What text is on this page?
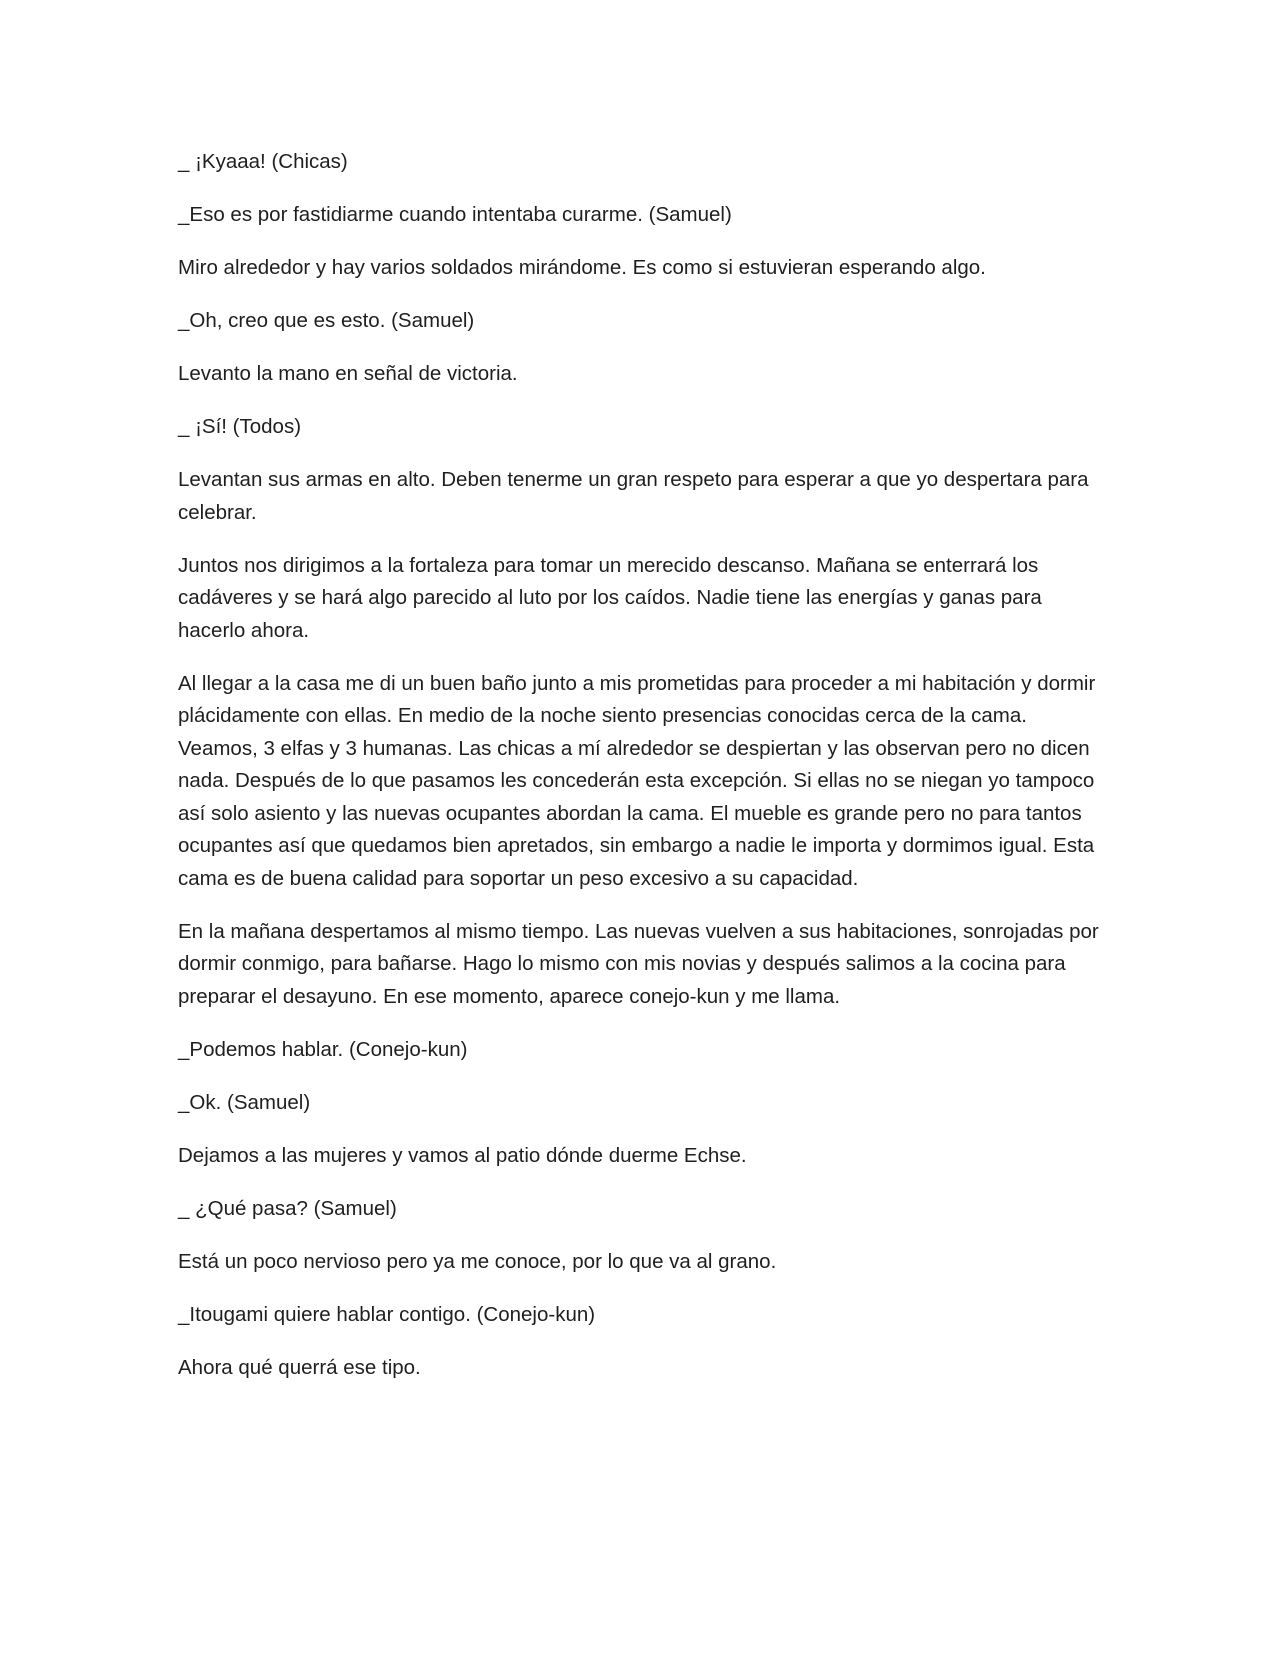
_ ¡Kyaaa! (Chicas)

_Eso es por fastidiarme cuando intentaba curarme. (Samuel)

Miro alrededor y hay varios soldados mirándome. Es como si estuvieran esperando algo.

_Oh, creo que es esto. (Samuel)

Levanto la mano en señal de victoria.

_ ¡Sí! (Todos)

Levantan sus armas en alto. Deben tenerme un gran respeto para esperar a que yo despertara para celebrar.

Juntos nos dirigimos a la fortaleza para tomar un merecido descanso. Mañana se enterrará los cadáveres y se hará algo parecido al luto por los caídos. Nadie tiene las energías y ganas para hacerlo ahora.

Al llegar a la casa me di un buen baño junto a mis prometidas para proceder a mi habitación y dormir plácidamente con ellas. En medio de la noche siento presencias conocidas cerca de la cama. Veamos, 3 elfas y 3 humanas. Las chicas a mí alrededor se despiertan y las observan pero no dicen nada. Después de lo que pasamos les concederán esta excepción. Si ellas no se niegan yo tampoco así solo asiento y las nuevas ocupantes abordan la cama. El mueble es grande pero no para tantos ocupantes así que quedamos bien apretados, sin embargo a nadie le importa y dormimos igual. Esta cama es de buena calidad para soportar un peso excesivo a su capacidad.

En la mañana despertamos al mismo tiempo. Las nuevas vuelven a sus habitaciones, sonrojadas por dormir conmigo, para bañarse. Hago lo mismo con mis novias y después salimos a la cocina para preparar el desayuno. En ese momento, aparece conejo-kun y me llama.

_Podemos hablar. (Conejo-kun)

_Ok. (Samuel)

Dejamos a las mujeres y vamos al patio dónde duerme Echse.

_ ¿Qué pasa? (Samuel)

Está un poco nervioso pero ya me conoce, por lo que va al grano.

_Itougami quiere hablar contigo. (Conejo-kun)

Ahora qué querrá ese tipo.
